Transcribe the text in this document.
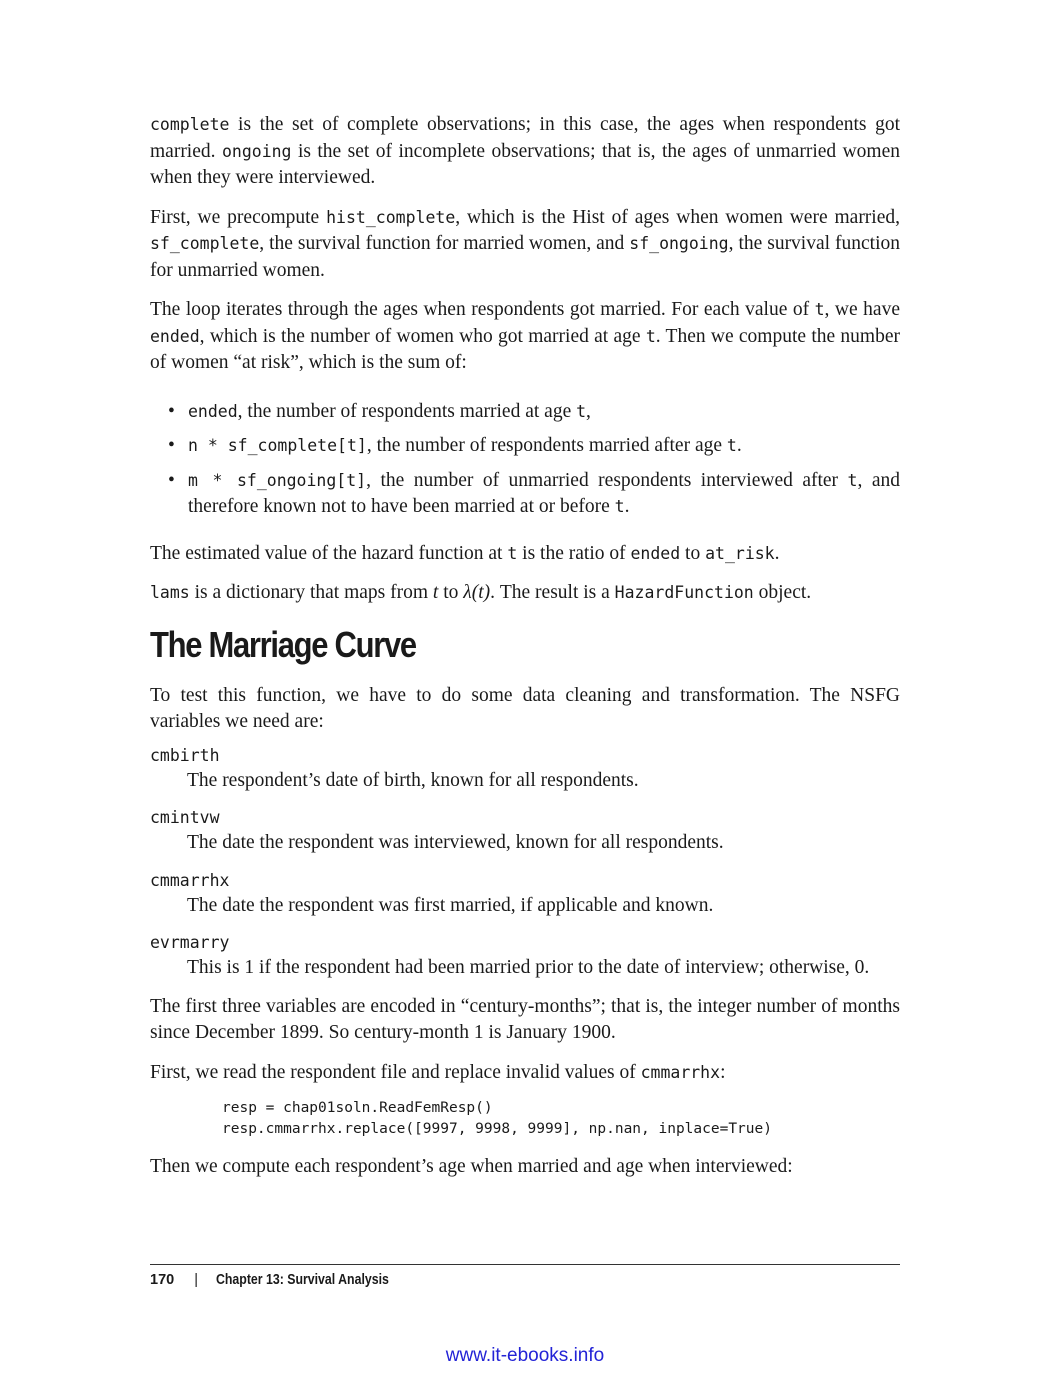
complete is the set of complete observations; in this case, the ages when respondents got married. ongoing is the set of incomplete observations; that is, the ages of unmarried women when they were interviewed.

First, we precompute hist_complete, which is the Hist of ages when women were married, sf_complete, the survival function for married women, and sf_ongoing, the survival function for unmarried women.

The loop iterates through the ages when respondents got married. For each value of t, we have ended, which is the number of women who got married at age t. Then we compute the number of women “at risk”, which is the sum of:

• ended, the number of respondents married at age t,
• n * sf_complete[t], the number of respondents married after age t.
• m * sf_ongoing[t], the number of unmarried respondents interviewed after t, and therefore known not to have been married at or before t.

The estimated value of the hazard function at t is the ratio of ended to at_risk.

lams is a dictionary that maps from t to λ(t). The result is a HazardFunction object.

The Marriage Curve

To test this function, we have to do some data cleaning and transformation. The NSFG variables we need are:

cmbirth
The respondent’s date of birth, known for all respondents.
cmintvw
The date the respondent was interviewed, known for all respondents.
cmmarrhx
The date the respondent was first married, if applicable and known.
evrmarry
This is 1 if the respondent had been married prior to the date of interview; otherwise, 0.

The first three variables are encoded in “century-months”; that is, the integer number of months since December 1899. So century-month 1 is January 1900.

First, we read the respondent file and replace invalid values of cmmarrhx:

resp = chap01soln.ReadFemResp()
resp.cmmarrhx.replace([9997, 9998, 9999], np.nan, inplace=True)

Then we compute each respondent’s age when married and age when interviewed:

170 | Chapter 13: Survival Analysis
www.it-ebooks.info
